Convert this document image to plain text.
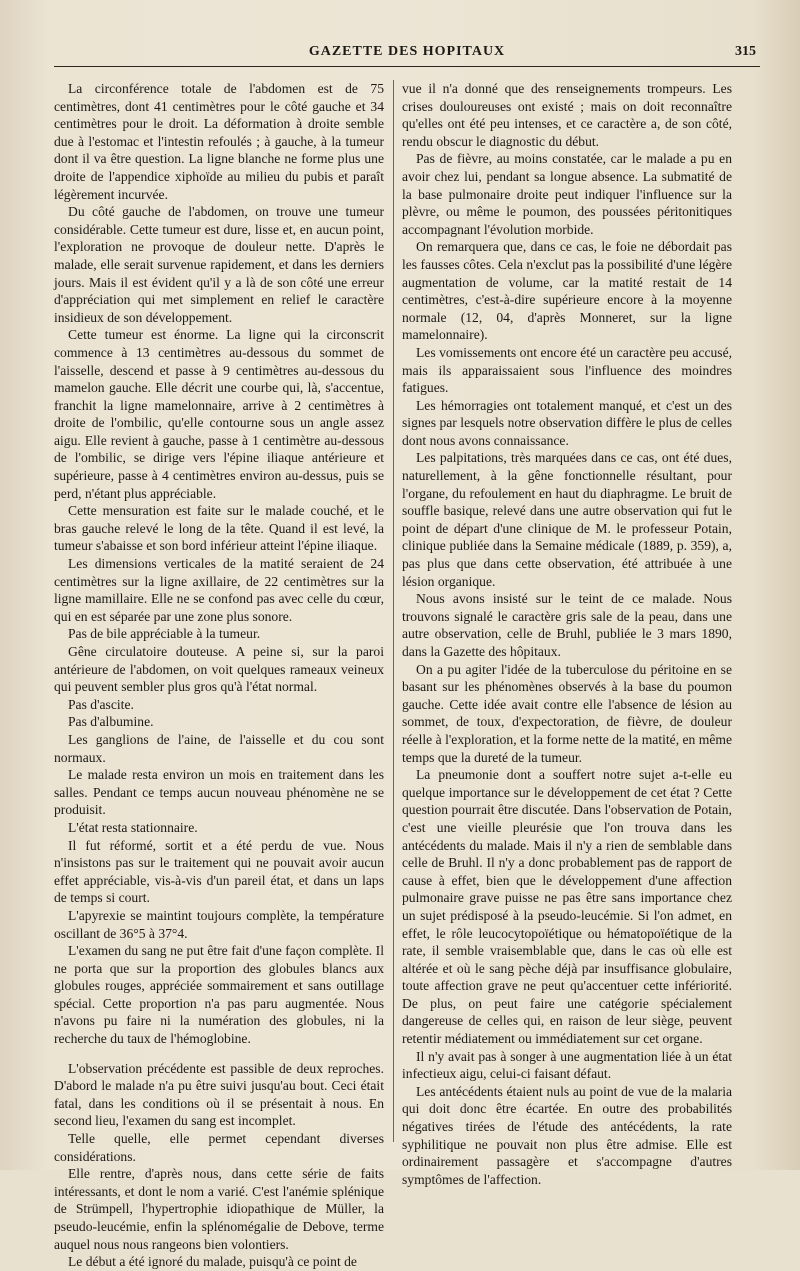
GAZETTE DES HOPITAUX	315

La circonférence totale de l'abdomen est de 75 centimètres, dont 41 centimètres pour le côté gauche et 34 centimètres pour le droit. La déformation à droite semble due à l'estomac et l'intestin refoulés ; à gauche, à la tumeur dont il va être question. La ligne blanche ne forme plus une droite de l'appendice xiphoïde au milieu du pubis et paraît légèrement incurvée.

Du côté gauche de l'abdomen, on trouve une tumeur considérable. Cette tumeur est dure, lisse et, en aucun point, l'exploration ne provoque de douleur nette. D'après le malade, elle serait survenue rapidement, et dans les derniers jours. Mais il est évident qu'il y a là de son côté une erreur d'appréciation qui met simplement en relief le caractère insidieux de son développement.

Cette tumeur est énorme. La ligne qui la circonscrit commence à 13 centimètres au-dessous du sommet de l'aisselle, descend et passe à 9 centimètres au-dessous du mamelon gauche. Elle décrit une courbe qui, là, s'accentue, franchit la ligne mamelonnaire, arrive à 2 centimètres à droite de l'ombilic, qu'elle contourne sous un angle assez aigu. Elle revient à gauche, passe à 1 centimètre au-dessous de l'ombilic, se dirige vers l'épine iliaque antérieure et supérieure, passe à 4 centimètres environ au-dessus, puis se perd, n'étant plus appréciable.

Cette mensuration est faite sur le malade couché, et le bras gauche relevé le long de la tête. Quand il est levé, la tumeur s'abaisse et son bord inférieur atteint l'épine iliaque.

Les dimensions verticales de la matité seraient de 24 centimètres sur la ligne axillaire, de 22 centimètres sur la ligne mamillaire. Elle ne se confond pas avec celle du cœur, qui en est séparée par une zone plus sonore.

Pas de bile appréciable à la tumeur.

Gêne circulatoire douteuse. A peine si, sur la paroi antérieure de l'abdomen, on voit quelques rameaux veineux qui peuvent sembler plus gros qu'à l'état normal.

Pas d'ascite.

Pas d'albumine.

Les ganglions de l'aine, de l'aisselle et du cou sont normaux.

Le malade resta environ un mois en traitement dans les salles. Pendant ce temps aucun nouveau phénomène ne se produisit.

L'état resta stationnaire.

Il fut réformé, sortit et a été perdu de vue. Nous n'insistons pas sur le traitement qui ne pouvait avoir aucun effet appréciable, vis-à-vis d'un pareil état, et dans un laps de temps si court.

L'apyrexie se maintint toujours complète, la température oscillant de 36°5 à 37°4.

L'examen du sang ne put être fait d'une façon complète. Il ne porta que sur la proportion des globules blancs aux globules rouges, appréciée sommairement et sans outillage spécial. Cette proportion n'a pas paru augmentée. Nous n'avons pu faire ni la numération des globules, ni la recherche du taux de l'hémoglobine.

L'observation précédente est passible de deux reproches. D'abord le malade n'a pu être suivi jusqu'au bout. Ceci était fatal, dans les conditions où il se présentait à nous. En second lieu, l'examen du sang est incomplet.

Telle quelle, elle permet cependant diverses considérations.

Elle rentre, d'après nous, dans cette série de faits intéressants, et dont le nom a varié. C'est l'anémie splénique de Strümpell, l'hypertrophie idiopathique de Müller, la pseudo-leucémie, enfin la splénomégalie de Debove, terme auquel nous nous rangeons bien volontiers.

Le début a été ignoré du malade, puisqu'à ce point de

vue il n'a donné que des renseignements trompeurs. Les crises douloureuses ont existé ; mais on doit reconnaître qu'elles ont été peu intenses, et ce caractère a, de son côté, rendu obscur le diagnostic du début.

Pas de fièvre, au moins constatée, car le malade a pu en avoir chez lui, pendant sa longue absence. La submatité de la base pulmonaire droite peut indiquer l'influence sur la plèvre, ou même le poumon, des poussées péritonitiques accompagnant l'évolution morbide.

On remarquera que, dans ce cas, le foie ne débordait pas les fausses côtes. Cela n'exclut pas la possibilité d'une légère augmentation de volume, car la matité restait de 14 centimètres, c'est-à-dire supérieure encore à la moyenne normale (12, 04, d'après Monneret, sur la ligne mamelonnaire).

Les vomissements ont encore été un caractère peu accusé, mais ils apparaissaient sous l'influence des moindres fatigues.

Les hémorragies ont totalement manqué, et c'est un des signes par lesquels notre observation diffère le plus de celles dont nous avons connaissance.

Les palpitations, très marquées dans ce cas, ont été dues, naturellement, à la gêne fonctionnelle résultant, pour l'organe, du refoulement en haut du diaphragme. Le bruit de souffle basique, relevé dans une autre observation qui fut le point de départ d'une clinique de M. le professeur Potain, clinique publiée dans la Semaine médicale (1889, p. 359), a, pas plus que dans cette observation, été attribuée à une lésion organique.

Nous avons insisté sur le teint de ce malade. Nous trouvons signalé le caractère gris sale de la peau, dans une autre observation, celle de Bruhl, publiée le 3 mars 1890, dans la Gazette des hôpitaux.

On a pu agiter l'idée de la tuberculose du péritoine en se basant sur les phénomènes observés à la base du poumon gauche. Cette idée avait contre elle l'absence de lésion au sommet, de toux, d'expectoration, de fièvre, de douleur réelle à l'exploration, et la forme nette de la matité, en même temps que la dureté de la tumeur.

La pneumonie dont a souffert notre sujet a-t-elle eu quelque importance sur le développement de cet état ? Cette question pourrait être discutée. Dans l'observation de Potain, c'est une vieille pleurésie que l'on trouva dans les antécédents du malade. Mais il n'y a rien de semblable dans celle de Bruhl. Il n'y a donc probablement pas de rapport de cause à effet, bien que le développement d'une affection pulmonaire grave puisse ne pas être sans importance chez un sujet prédisposé à la pseudo-leucémie. Si l'on admet, en effet, le rôle leucocytopoïétique ou hématopoïétique de la rate, il semble vraisemblable que, dans le cas où elle est altérée et où le sang pèche déjà par insuffisance globulaire, toute affection grave ne peut qu'accentuer cette infériorité. De plus, on peut faire une catégorie spécialement dangereuse de celles qui, en raison de leur siège, peuvent retentir médiatement ou immédiatement sur cet organe.

Il n'y avait pas à songer à une augmentation liée à un état infectieux aigu, celui-ci faisant défaut.

Les antécédents étaient nuls au point de vue de la malaria qui doit donc être écartée. En outre des probabilités négatives tirées de l'étude des antécédents, la rate syphilitique ne pouvait non plus être admise. Elle est ordinairement passagère et s'accompagne d'autres symptômes de l'affection.
